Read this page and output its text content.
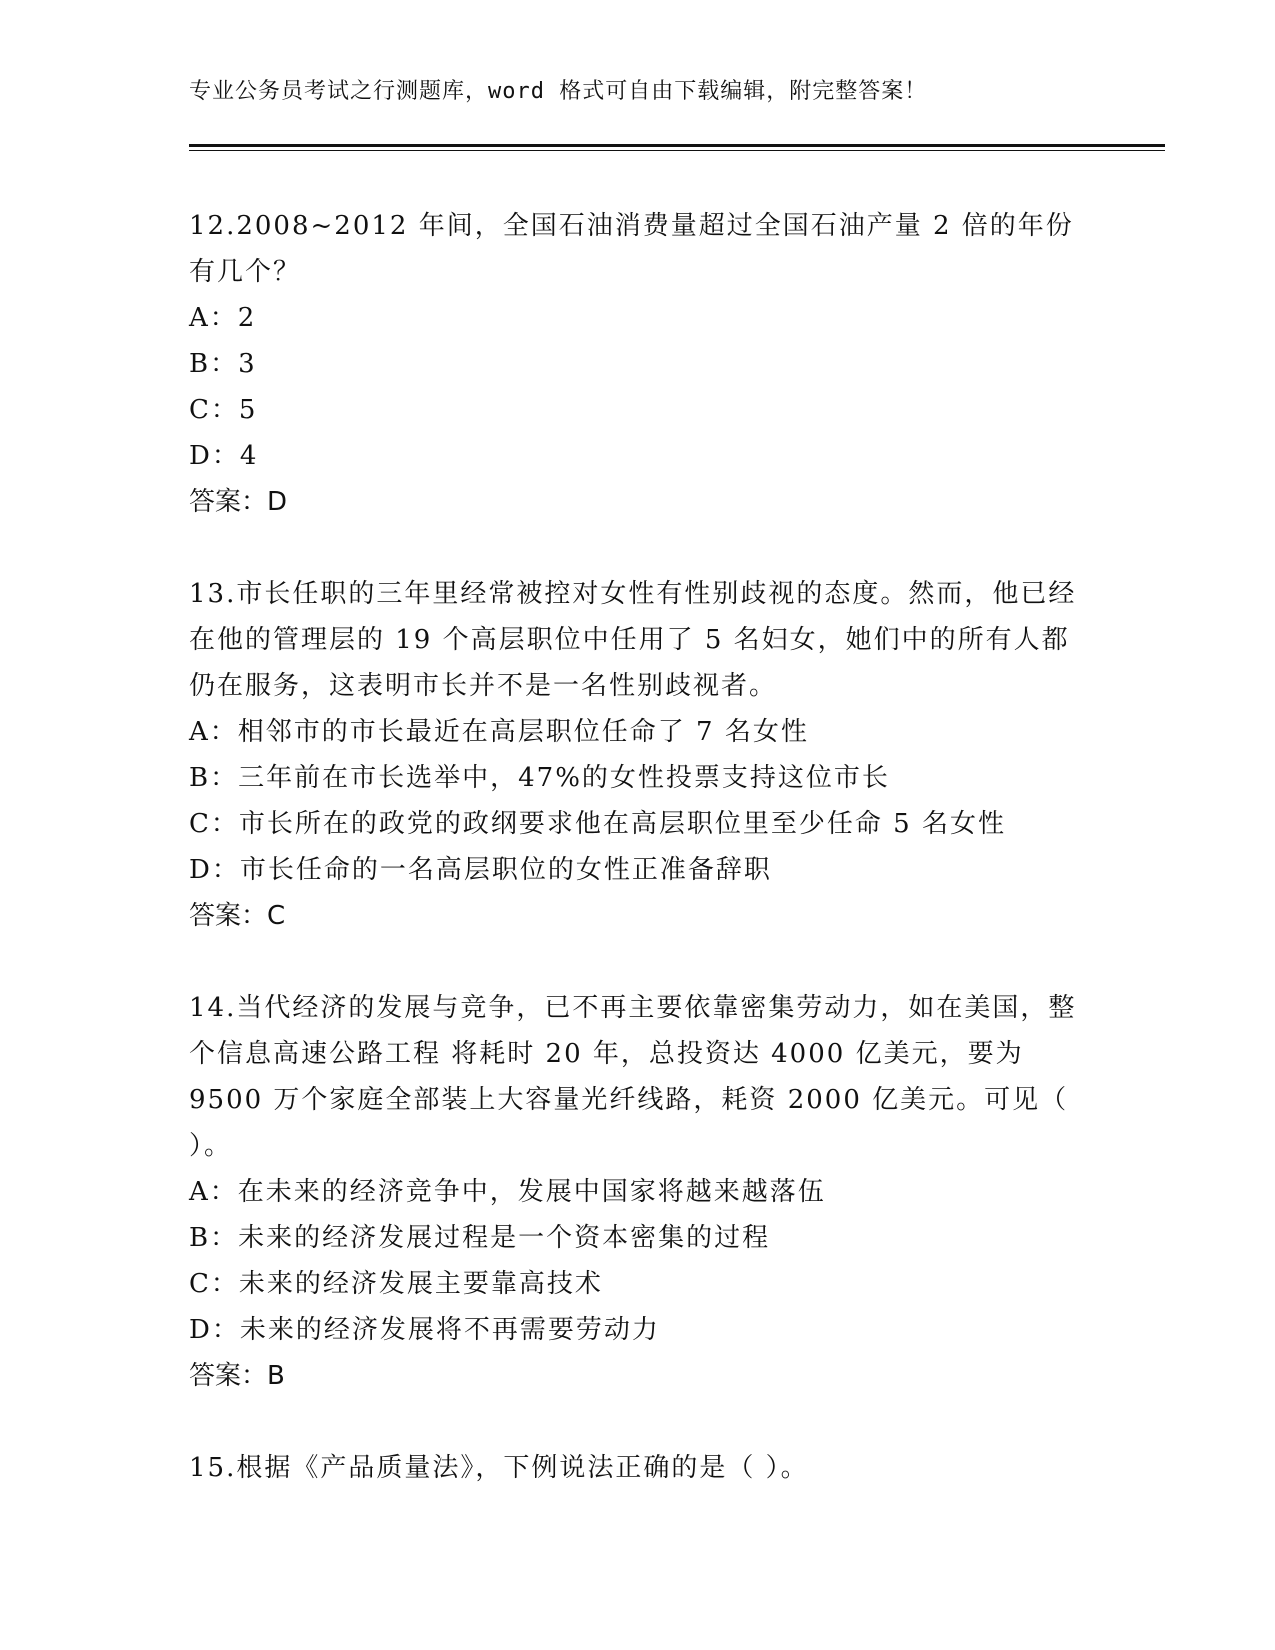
专业公务员考试之行测题库，word 格式可自由下载编辑，附完整答案！

12.2008~2012 年间，全国石油消费量超过全国石油产量 2 倍的年份有几个？

A：2

B：3

C：5

D：4

答案：D

13.市长任职的三年里经常被控对女性有性别歧视的态度。然而，他已经在他的管理层的 19 个高层职位中任用了 5 名妇女，她们中的所有人都仍在服务，这表明市长并不是一名性别歧视者。

A：相邻市的市长最近在高层职位任命了 7 名女性

B：三年前在市长选举中，47%的女性投票支持这位市长

C：市长所在的政党的政纲要求他在高层职位里至少任命 5 名女性

D：市长任命的一名高层职位的女性正准备辞职

答案：C

14.当代经济的发展与竞争，已不再主要依靠密集劳动力，如在美国，整个信息高速公路工程 将耗时 20 年，总投资达 4000 亿美元，要为 9500 万个家庭全部装上大容量光纤线路，耗资 2000 亿美元。可见（ ）。

A：在未来的经济竞争中，发展中国家将越来越落伍

B：未来的经济发展过程是一个资本密集的过程

C：未来的经济发展主要靠高技术

D：未来的经济发展将不再需要劳动力

答案：B

15.根据《产品质量法》，下例说法正确的是（ ）。
